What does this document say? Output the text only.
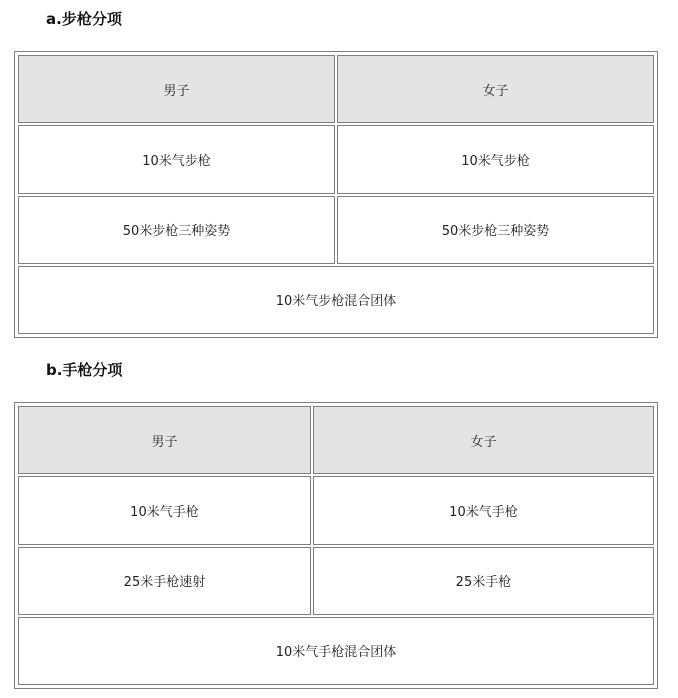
a.步枪分项
男子	女子
10米气步枪	10米气步枪
50米步枪三种姿势	50米步枪三种姿势
10米气步枪混合团体	
b.手枪分项
男子	女子
10米气手枪	10米气手枪
25米手枪速射	25米手枪
10米气手枪混合团体	
